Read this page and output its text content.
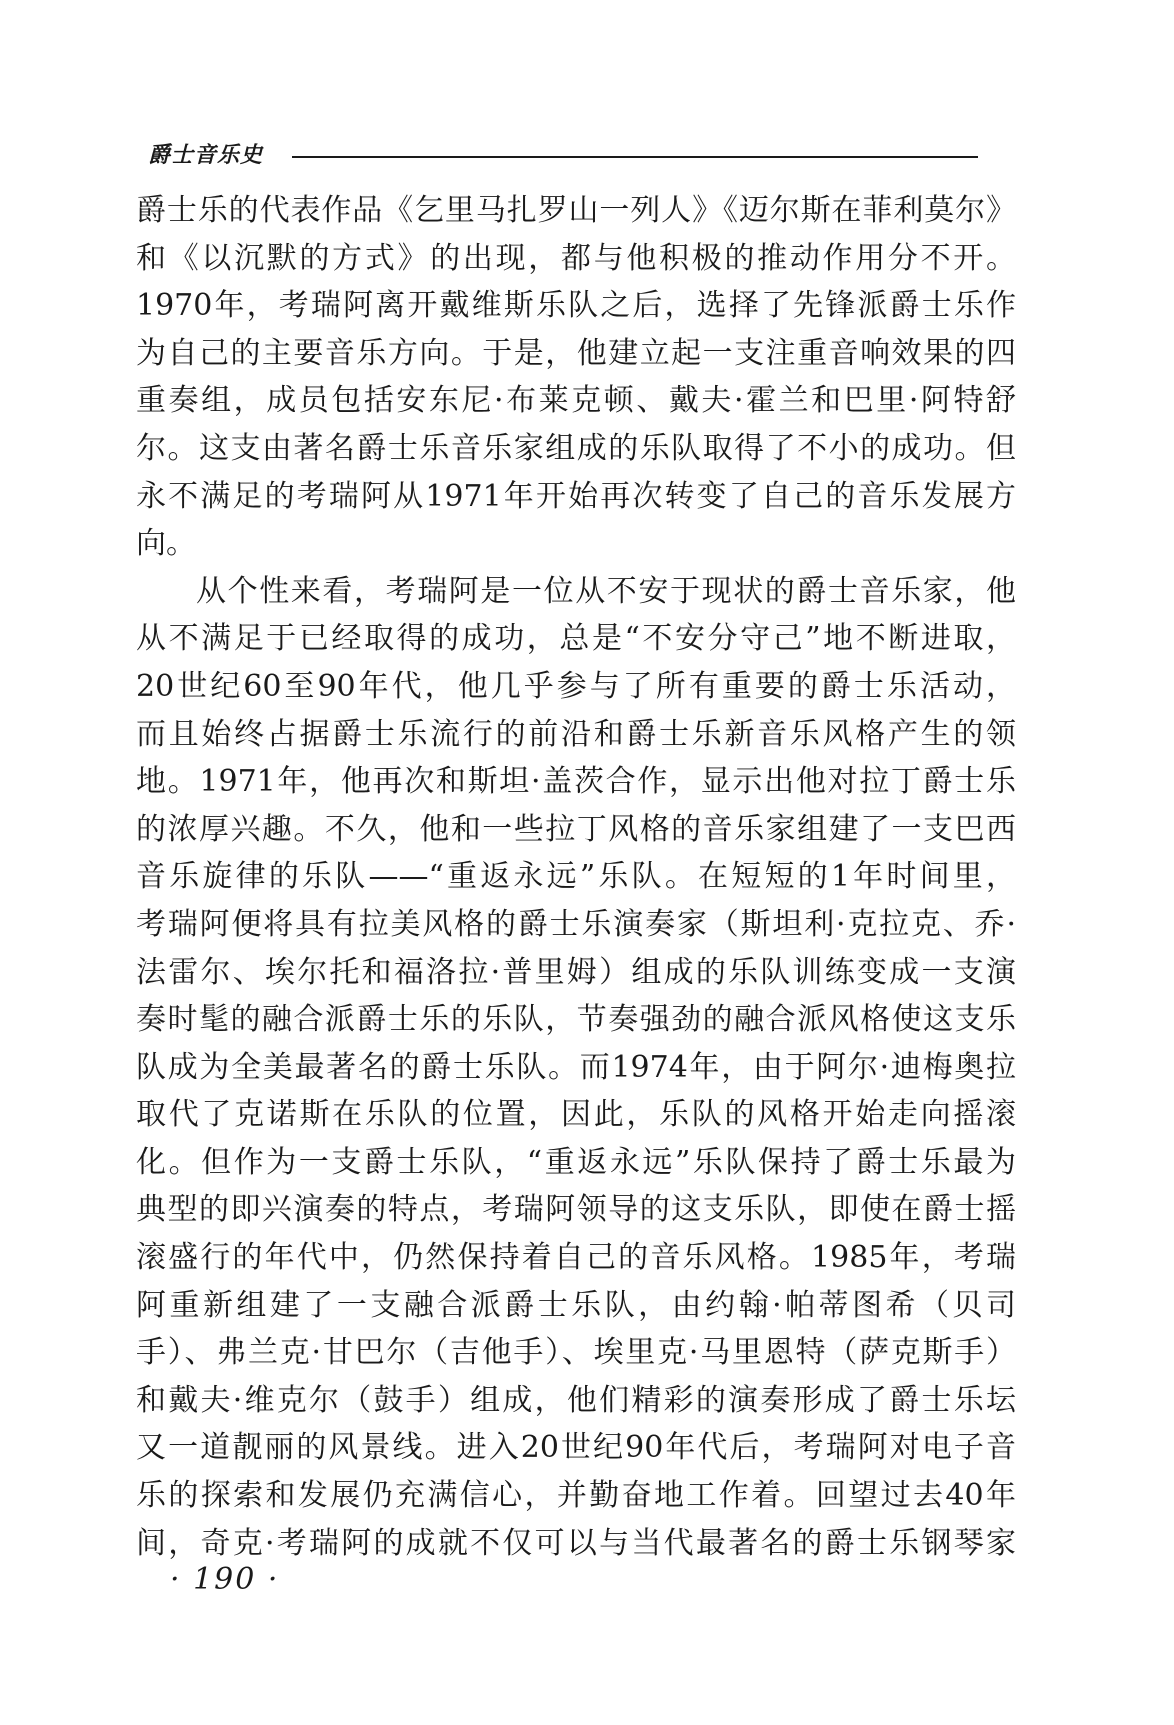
爵士音乐史
爵士乐的代表作品《乞里马扎罗山一列人》《迈尔斯在菲利莫尔》
和《以沉默的方式》的出现，都与他积极的推动作用分不开。
1970年，考瑞阿离开戴维斯乐队之后，选择了先锋派爵士乐作
为自己的主要音乐方向。于是，他建立起一支注重音响效果的四
重奏组，成员包括安东尼·布莱克顿、戴夫·霍兰和巴里·阿特舒
尔。这支由著名爵士乐音乐家组成的乐队取得了不小的成功。但
永不满足的考瑞阿从1971年开始再次转变了自己的音乐发展方
向。
从个性来看，考瑞阿是一位从不安于现状的爵士音乐家，他
从不满足于已经取得的成功，总是“不安分守己”地不断进取，
20世纪60至90年代，他几乎参与了所有重要的爵士乐活动，
而且始终占据爵士乐流行的前沿和爵士乐新音乐风格产生的领
地。1971年，他再次和斯坦·盖茨合作，显示出他对拉丁爵士乐
的浓厚兴趣。不久，他和一些拉丁风格的音乐家组建了一支巴西
音乐旋律的乐队——“重返永远”乐队。在短短的1年时间里，
考瑞阿便将具有拉美风格的爵士乐演奏家（斯坦利·克拉克、乔·
法雷尔、埃尔托和福洛拉·普里姆）组成的乐队训练变成一支演
奏时髦的融合派爵士乐的乐队，节奏强劲的融合派风格使这支乐
队成为全美最著名的爵士乐队。而1974年，由于阿尔·迪梅奥拉
取代了克诺斯在乐队的位置，因此，乐队的风格开始走向摇滚
化。但作为一支爵士乐队，“重返永远”乐队保持了爵士乐最为
典型的即兴演奏的特点，考瑞阿领导的这支乐队，即使在爵士摇
滚盛行的年代中，仍然保持着自己的音乐风格。1985年，考瑞
阿重新组建了一支融合派爵士乐队，由约翰·帕蒂图希（贝司
手）、弗兰克·甘巴尔（吉他手）、埃里克·马里恩特（萨克斯手）
和戴夫·维克尔（鼓手）组成，他们精彩的演奏形成了爵士乐坛
又一道靓丽的风景线。进入20世纪90年代后，考瑞阿对电子音
乐的探索和发展仍充满信心，并勤奋地工作着。回望过去40年
间，奇克·考瑞阿的成就不仅可以与当代最著名的爵士乐钢琴家
· 190 ·
